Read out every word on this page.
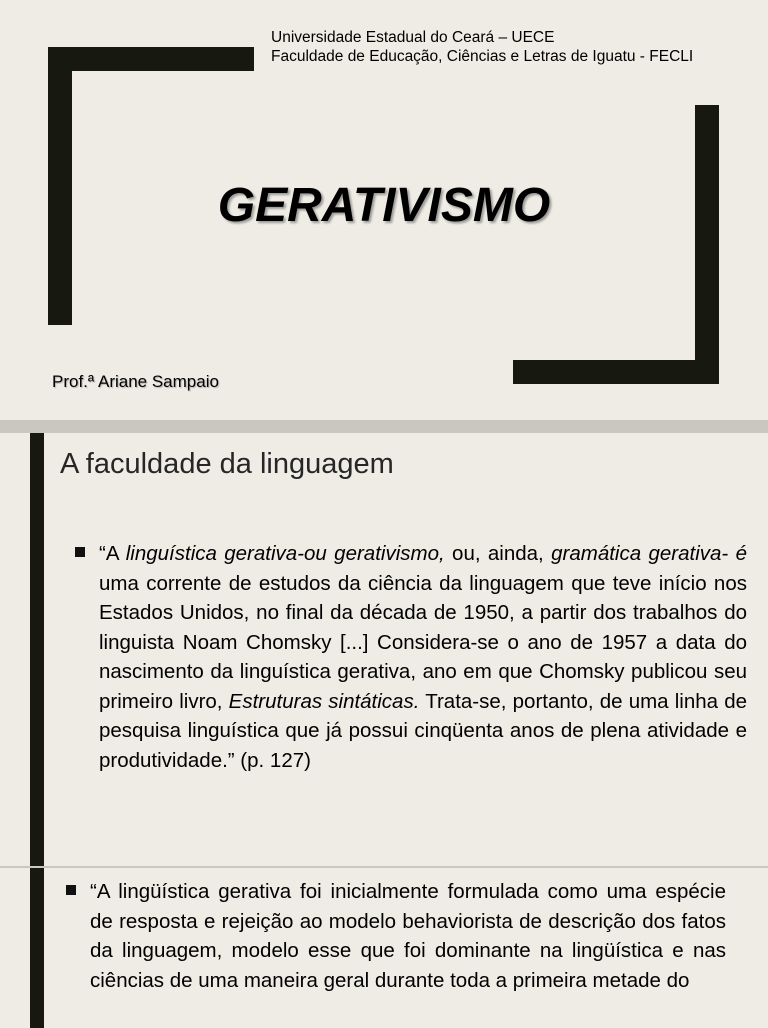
Universidade Estadual do Ceará – UECE
Faculdade de Educação, Ciências e Letras de Iguatu - FECLI
GERATIVISMO
Prof.ª Ariane Sampaio
A faculdade da linguagem
“A linguística gerativa-ou gerativismo, ou, ainda, gramática gerativa- é uma corrente de estudos da ciência da linguagem que teve início nos Estados Unidos, no final da década de 1950, a partir dos trabalhos do linguista Noam Chomsky [...] Considera-se o ano de 1957 a data do nascimento da linguística gerativa, ano em que Chomsky publicou seu primeiro livro, Estruturas sintáticas. Trata-se, portanto, de uma linha de pesquisa linguística que já possui cinqüenta anos de plena atividade e produtividade.” (p. 127)
“A lingüística gerativa foi inicialmente formulada como uma espécie de resposta e rejeição ao modelo behaviorista de descrição dos fatos da linguagem, modelo esse que foi dominante na lingüística e nas ciências de uma maneira geral durante toda a primeira metade do
